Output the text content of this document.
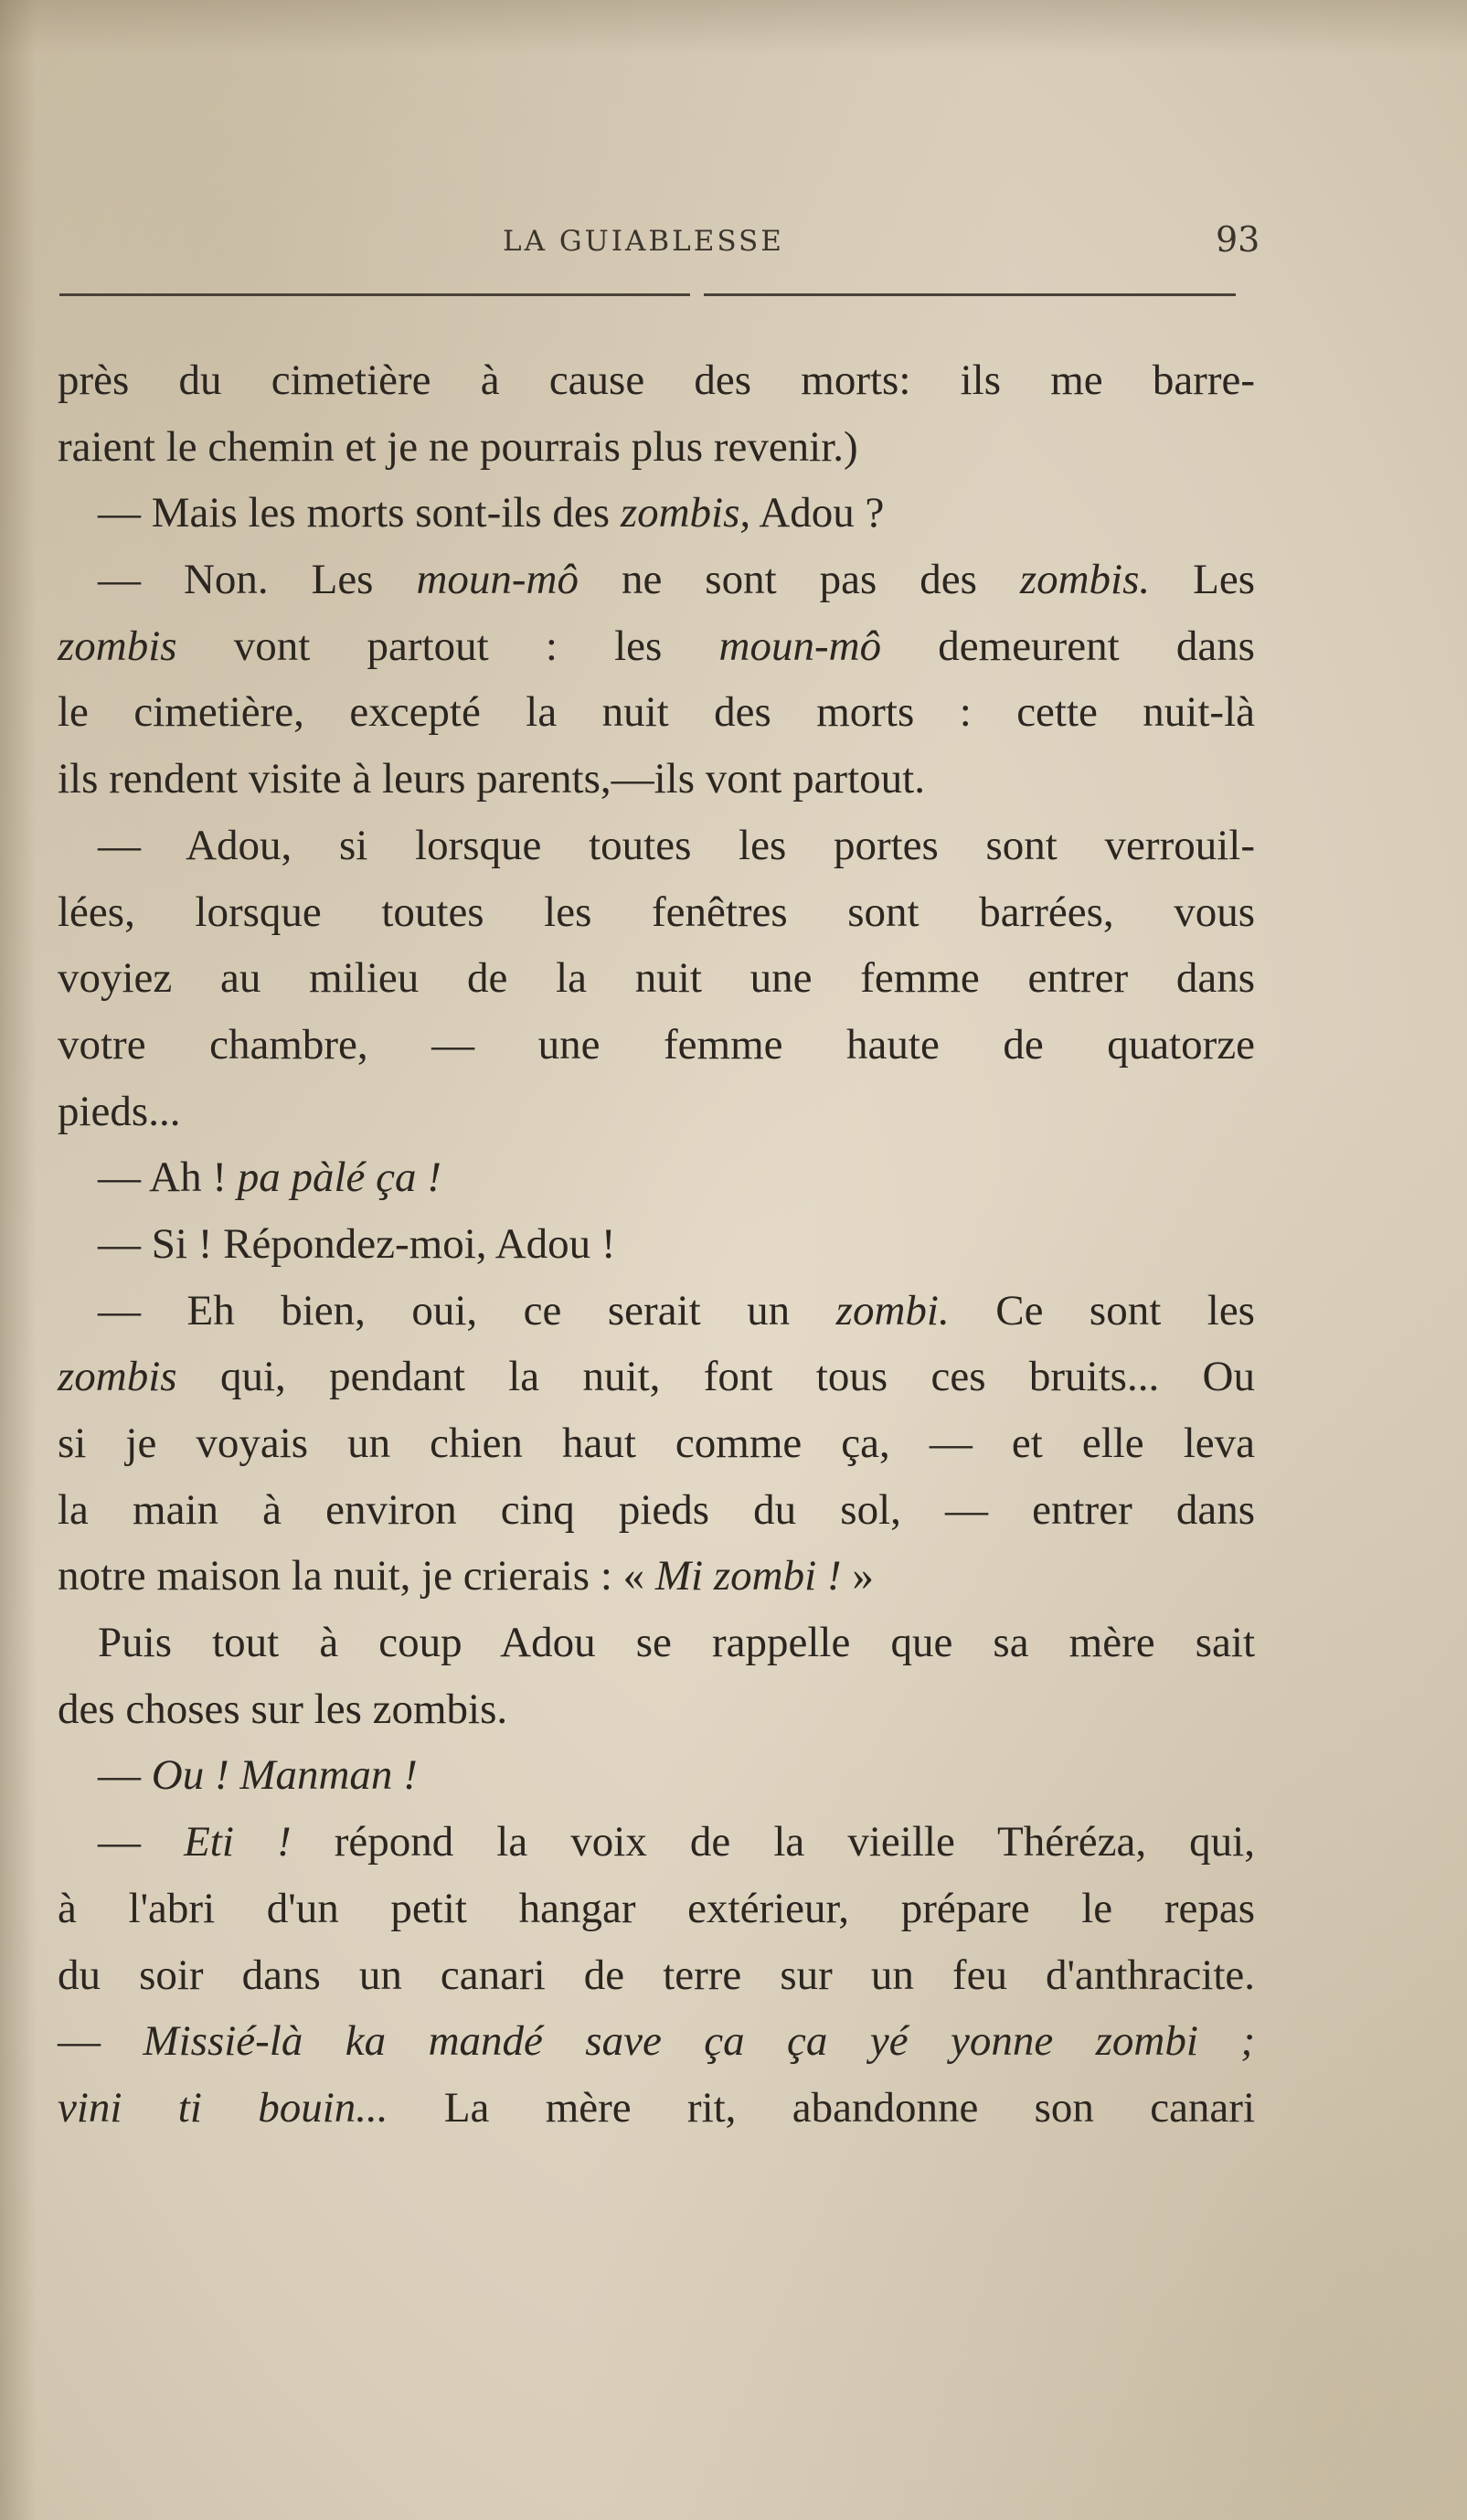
LA GUIABLESSE	93
près du cimetière à cause des morts: ils me barre-
raient le chemin et je ne pourrais plus revenir.)
— Mais les morts sont-ils des zombis, Adou ?
— Non. Les moun-mô ne sont pas des zombis. Les
zombis vont partout : les moun-mô demeurent dans
le cimetière, excepté la nuit des morts : cette nuit-là
ils rendent visite à leurs parents,—ils vont partout.
— Adou, si lorsque toutes les portes sont verrouil-
lées, lorsque toutes les fenêtres sont barrées, vous
voyiez au milieu de la nuit une femme entrer dans
votre chambre, — une femme haute de quatorze
pieds...
— Ah ! pa pàlé ça !
— Si ! Répondez-moi, Adou !
— Eh bien, oui, ce serait un zombi. Ce sont les
zombis qui, pendant la nuit, font tous ces bruits... Ou
si je voyais un chien haut comme ça, — et elle leva
la main à environ cinq pieds du sol, — entrer dans
notre maison la nuit, je crierais : « Mi zombi ! »
Puis tout à coup Adou se rappelle que sa mère sait
des choses sur les zombis.
— Ou ! Manman !
— Eti ! répond la voix de la vieille Théréza, qui,
à l'abri d'un petit hangar extérieur, prépare le repas
du soir dans un canari de terre sur un feu d'anthracite.
— Missié-là ka mandé save ça ça yé yonne zombi ;
vini ti bouin... La mère rit, abandonne son canari
